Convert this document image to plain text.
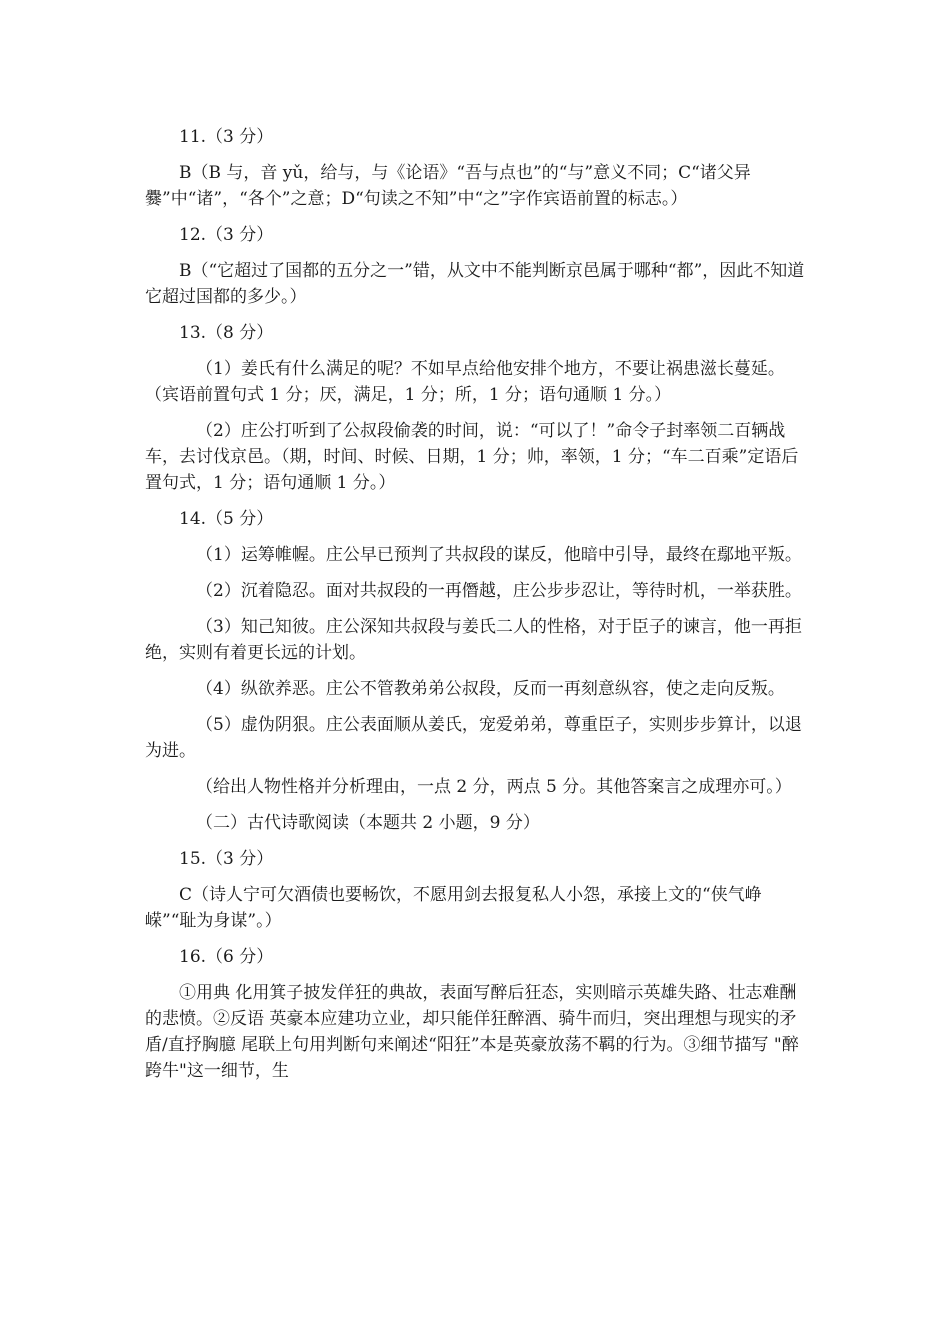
11.（3 分）

B（B 与，音 yǔ，给与，与《论语》“吾与点也”的“与”意义不同；C“诸父异爨”中“诸”，“各个”之意；D“句读之不知”中“之”字作宾语前置的标志。）

12.（3 分）

B（“它超过了国都的五分之一”错，从文中不能判断京邑属于哪种“都”，因此不知道它超过国都的多少。）

13.（8 分）

（1）姜氏有什么满足的呢？不如早点给他安排个地方，不要让祸患滋长蔓延。（宾语前置句式 1 分；厌，满足，1 分；所，1 分；语句通顺 1 分。）

（2）庄公打听到了公叔段偷袭的时间，说：“可以了！”命令子封率领二百辆战车，去讨伐京邑。（期，时间、时候、日期，1 分；帅，率领，1 分；“车二百乘”定语后置句式，1 分；语句通顺 1 分。）

14.（5 分）

（1）运筹帷幄。庄公早已预判了共叔段的谋反，他暗中引导，最终在鄢地平叛。

（2）沉着隐忍。面对共叔段的一再僭越，庄公步步忍让，等待时机，一举获胜。

（3）知己知彼。庄公深知共叔段与姜氏二人的性格，对于臣子的谏言，他一再拒绝，实则有着更长远的计划。

（4）纵欲养恶。庄公不管教弟弟公叔段，反而一再刻意纵容，使之走向反叛。

（5）虚伪阴狠。庄公表面顺从姜氏，宠爱弟弟，尊重臣子，实则步步算计，以退为进。

（给出人物性格并分析理由，一点 2 分，两点 5 分。其他答案言之成理亦可。）

（二）古代诗歌阅读（本题共 2 小题，9 分）

15.（3 分）

C（诗人宁可欠酒债也要畅饮，不愿用剑去报复私人小怨，承接上文的“侠气峥嵘”“耻为身谋”。）

16.（6 分）

①用典 化用箕子披发佯狂的典故，表面写醉后狂态，实则暗示英雄失路、壮志难酬的悲愤。②反语 英豪本应建功立业，却只能佯狂醉酒、骑牛而归，突出理想与现实的矛盾/直抒胸臆 尾联上句用判断句来阐述“阳狂”本是英豪放荡不羁的行为。③细节描写 "醉跨牛"这一细节，生
